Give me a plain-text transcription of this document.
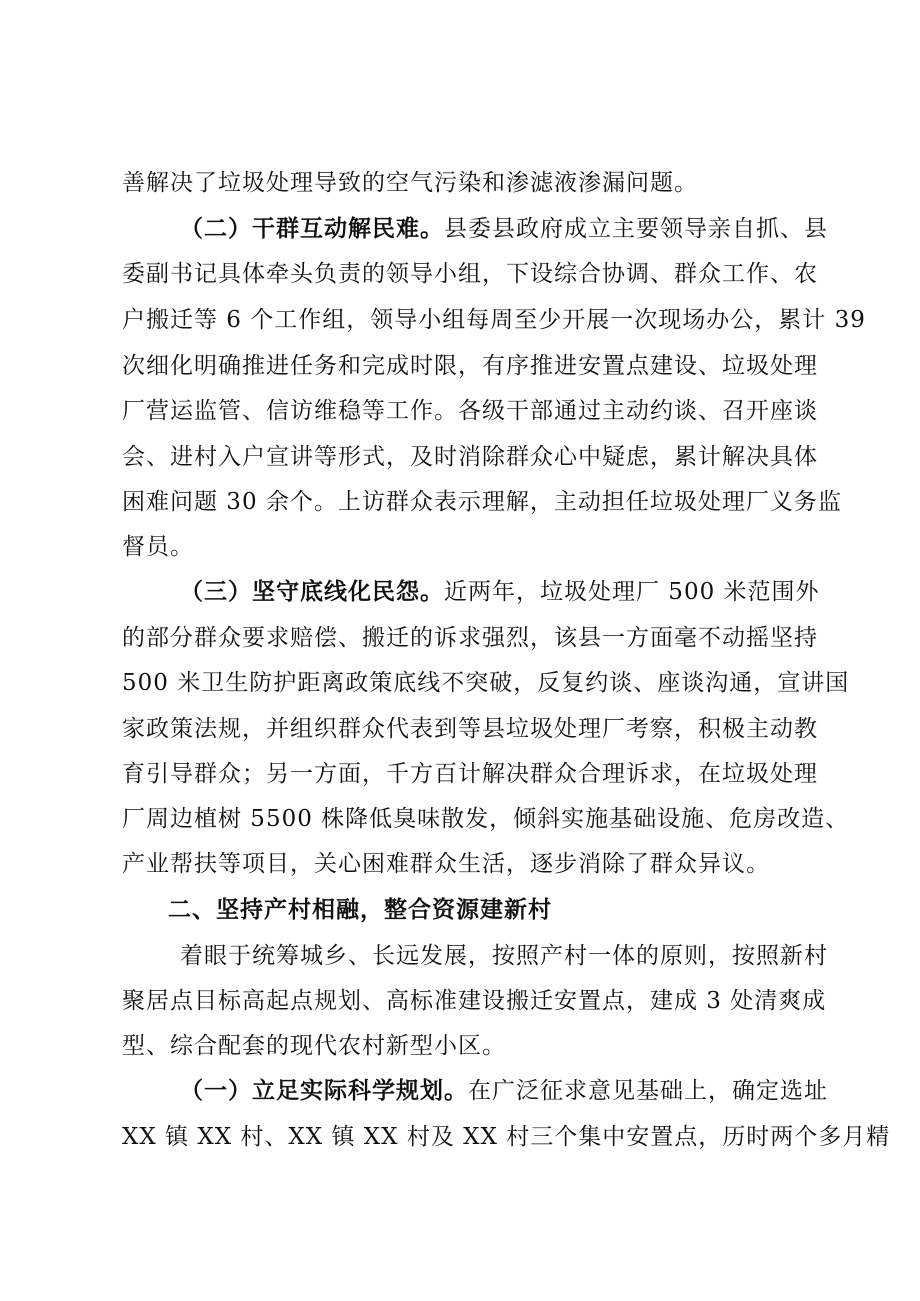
善解决了垃圾处理导致的空气污染和渗滤液渗漏问题。
（二）干群互动解民难。县委县政府成立主要领导亲自抓、县
委副书记具体牵头负责的领导小组，下设综合协调、群众工作、农
户搬迁等 6 个工作组，领导小组每周至少开展一次现场办公，累计 39
次细化明确推进任务和完成时限，有序推进安置点建设、垃圾处理
厂营运监管、信访维稳等工作。各级干部通过主动约谈、召开座谈
会、进村入户宣讲等形式，及时消除群众心中疑虑，累计解决具体
困难问题 30 余个。上访群众表示理解，主动担任垃圾处理厂义务监
督员。
（三）坚守底线化民怨。近两年，垃圾处理厂 500 米范围外
的部分群众要求赔偿、搬迁的诉求强烈，该县一方面毫不动摇坚持
500 米卫生防护距离政策底线不突破，反复约谈、座谈沟通，宣讲国
家政策法规，并组织群众代表到等县垃圾处理厂考察，积极主动教
育引导群众；另一方面，千方百计解决群众合理诉求，在垃圾处理
厂周边植树 5500 株降低臭味散发，倾斜实施基础设施、危房改造、
产业帮扶等项目，关心困难群众生活，逐步消除了群众异议。
二、坚持产村相融，整合资源建新村
着眼于统筹城乡、长远发展，按照产村一体的原则，按照新村
聚居点目标高起点规划、高标准建设搬迁安置点，建成 3 处清爽成
型、综合配套的现代农村新型小区。
（一）立足实际科学规划。在广泛征求意见基础上，确定选址
XX 镇 XX 村、XX 镇 XX 村及 XX 村三个集中安置点，历时两个多月精
